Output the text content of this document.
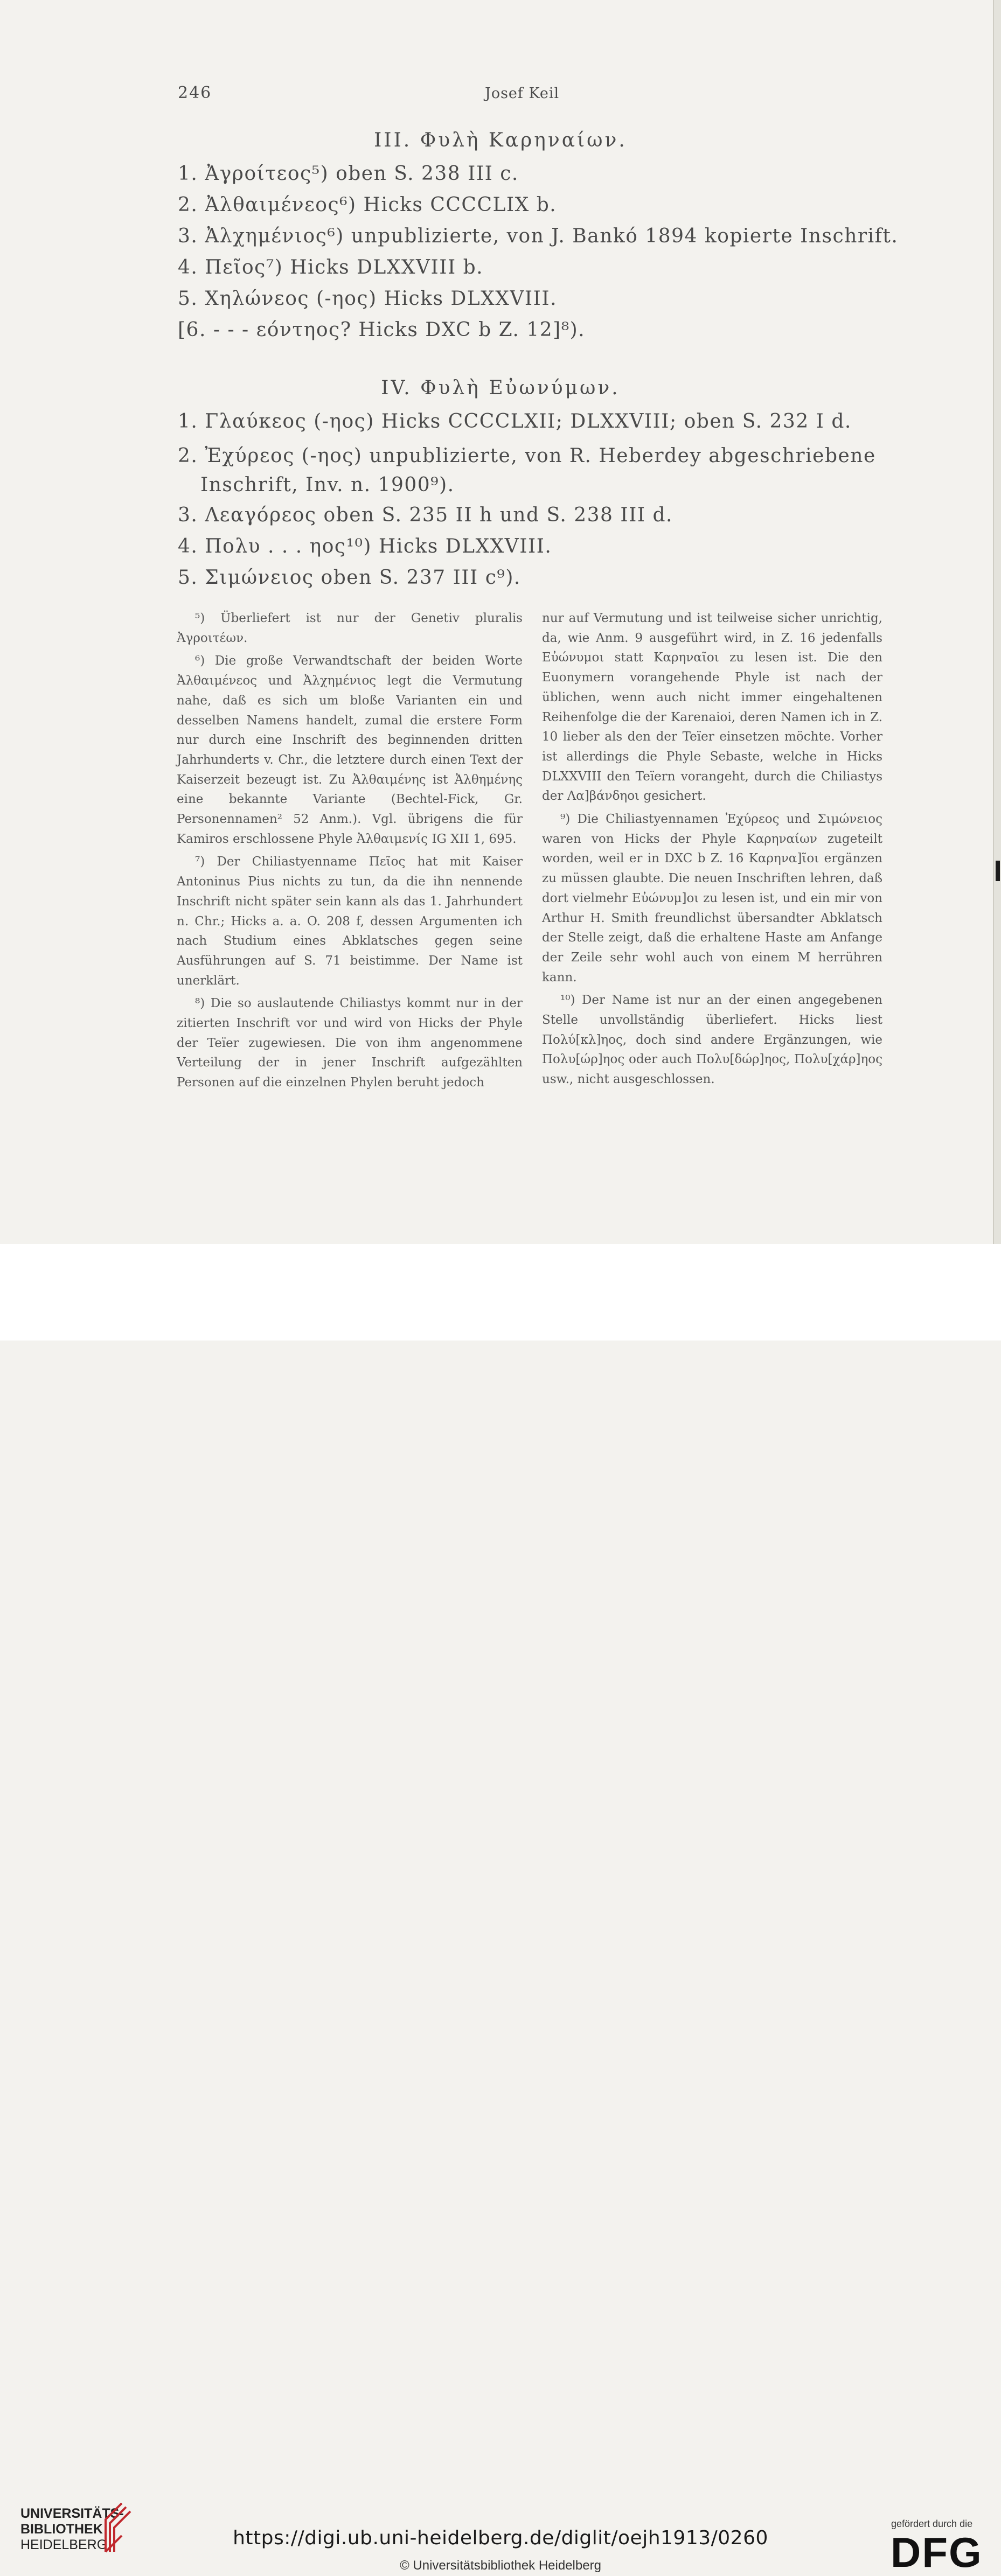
246	Josef Keil
III. Φυλὴ Καρηναίων.
1. Ἀγροίτεος⁵) oben S. 238 III c.
2. Ἀλθαιμένεος⁶) Hicks CCCCLIX b.
3. Ἀλχημένιος⁶) unpublizierte, von J. Bankó 1894 kopierte Inschrift.
4. Πεῖος⁷) Hicks DLXXVIII b.
5. Χηλώνεος (-ηος) Hicks DLXXVIII.
[6. - - - εόντηος? Hicks DXC b Z. 12]⁸).
IV. Φυλὴ Εὐωνύμων.
1. Γλαύκεος (-ηος) Hicks CCCCLXII; DLXXVIII; oben S. 232 I d.
2. Ἐχύρεος (-ηος) unpublizierte, von R. Heberdey abgeschriebene Inschrift, Inv. n. 1900⁹).
3. Λεαγόρεος oben S. 235 II h und S. 238 III d.
4. Πολυ . . . ηος¹⁰) Hicks DLXXVIII.
5. Σιμώνειος oben S. 237 III c⁹).

⁵) Überliefert ist nur der Genetiv pluralis Ἀγροιτέων.

⁶) Die große Verwandtschaft der beiden Worte Ἀλθαιμένεος und Ἀλχημένιος legt die Vermutung nahe, daß es sich um bloße Varianten ein und desselben Namens handelt, zumal die erstere Form nur durch eine Inschrift des beginnenden dritten Jahrhunderts v. Chr., die letztere durch einen Text der Kaiserzeit bezeugt ist. Zu Ἀλθαιμένης ist Ἀλθημένης eine bekannte Variante (Bechtel-Fick, Gr. Personennamen² 52 Anm.). Vgl. übrigens die für Kamiros erschlossene Phyle Ἀλθαιμενίς IG XII 1, 695.

⁷) Der Chiliastyenname Πεῖος hat mit Kaiser Antoninus Pius nichts zu tun, da die ihn nennende Inschrift nicht später sein kann als das 1. Jahrhundert n. Chr.; Hicks a. a. O. 208 f, dessen Argumenten ich nach Studium eines Abklatsches gegen seine Ausführungen auf S. 71 beistimme. Der Name ist unerklärt.

⁸) Die so auslautende Chiliastys kommt nur in der zitierten Inschrift vor und wird von Hicks der Phyle der Teïer zugewiesen. Die von ihm angenommene Verteilung der in jener Inschrift aufgezählten Personen auf die einzelnen Phylen beruht jedoch

nur auf Vermutung und ist teilweise sicher unrichtig, da, wie Anm. 9 ausgeführt wird, in Z. 16 jedenfalls Εὐώνυμοι statt Καρηναῖοι zu lesen ist. Die den Euonymern vorangehende Phyle ist nach der üblichen, wenn auch nicht immer eingehaltenen Reihenfolge die der Karenaioi, deren Namen ich in Z. 10 lieber als den der Teïer einsetzen möchte. Vorher ist allerdings die Phyle Sebaste, welche in Hicks DLXXVIII den Teïern vorangeht, durch die Chiliastys der Λα]βάνδηοι gesichert.

⁹) Die Chiliastyennamen Ἐχύρεος und Σιμώνειος waren von Hicks der Phyle Καρηναίων zugeteilt worden, weil er in DXC b Z. 16 Καρηνα]ῖοι ergänzen zu müssen glaubte. Die neuen Inschriften lehren, daß dort vielmehr Εὐώνυμ]οι zu lesen ist, und ein mir von Arthur H. Smith freundlichst übersandter Abklatsch der Stelle zeigt, daß die erhaltene Haste am Anfange der Zeile sehr wohl auch von einem M herrühren kann.

¹⁰) Der Name ist nur an der einen angegebenen Stelle unvollständig überliefert. Hicks liest Πολύ[κλ]ηος, doch sind andere Ergänzungen, wie Πολυ[ώρ]ηος oder auch Πολυ[δώρ]ηος, Πολυ[χάρ]ηος usw., nicht ausgeschlossen.

UNIVERSITÄTS-
BIBLIOTHEK
HEIDELBERG	https://digi.ub.uni-heidelberg.de/diglit/oejh1913/0260
© Universitätsbibliothek Heidelberg
gefördert durch die
DFG
